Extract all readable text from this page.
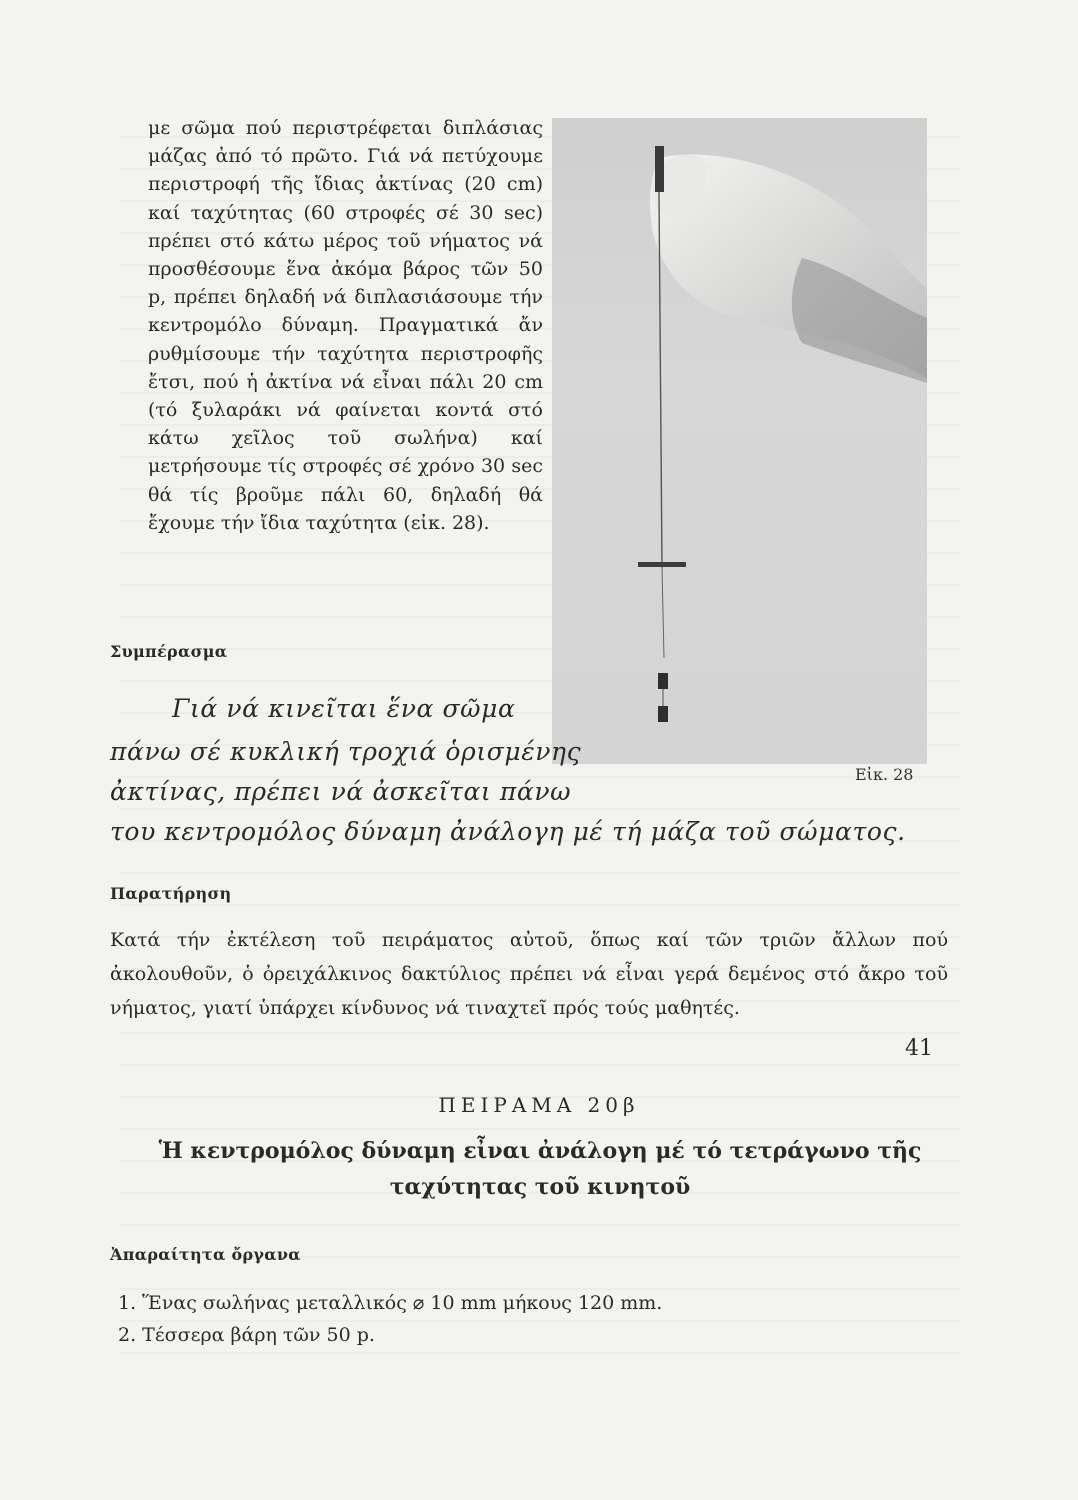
με σῶμα πού περιστρέφεται διπλάσιας μάζας ἀπό τό πρῶτο. Γιά νά πετύχουμε περιστροφή τῆς ἴδιας ἀκτίνας (20 cm) καί ταχύτητας (60 στροφές σέ 30 sec) πρέπει στό κάτω μέρος τοῦ νήματος νά προσθέσουμε ἕνα ἀκόμα βάρος τῶν 50 p, πρέπει δηλαδή νά διπλασιάσουμε τήν κεντρομόλο δύναμη. Πραγματικά ἄν ρυθμίσουμε τήν ταχύτητα περιστροφῆς ἔτσι, πού ἡ ἀκτίνα νά εἶναι πάλι 20 cm (τό ξυλαράκι νά φαίνεται κοντά στό κάτω χεῖλος τοῦ σωλήνα) καί μετρήσουμε τίς στροφές σέ χρόνο 30 sec θά τίς βροῦμε πάλι 60, δηλαδή θά ἔχουμε τήν ἴδια ταχύτητα (εἰκ. 28).

Εἰκ. 28
Συμπέρασμα
Γιά νά κινεῖται ἕνα σῶμα
πάνω σέ κυκλική τροχιά ὁρισμένης
ἀκτίνας, πρέπει νά ἀσκεῖται πάνω
του κεντρομόλος δύναμη ἀνάλογη μέ τή μάζα τοῦ σώματος.
Παρατήρηση
Κατά τήν ἐκτέλεση τοῦ πειράματος αὐτοῦ, ὅπως καί τῶν τριῶν ἄλλων πού ἀκολουθοῦν, ὁ ὀρειχάλκινος δακτύλιος πρέπει νά εἶναι γερά δεμένος στό ἄκρο τοῦ νήματος, γιατί ὑπάρχει κίνδυνος νά τιναχτεῖ πρός τούς μαθητές.
ΠΕΙΡΑΜΑ 20β
Ἡ κεντρομόλος δύναμη εἶναι ἀνάλογη μέ τό τετράγωνο τῆς ταχύτητας τοῦ κινητοῦ
Ἀπαραίτητα ὄργανα
1. Ἕνας σωλήνας μεταλλικός ⌀ 10 mm μήκους 120 mm.
2. Τέσσερα βάρη τῶν 50 p.
41
